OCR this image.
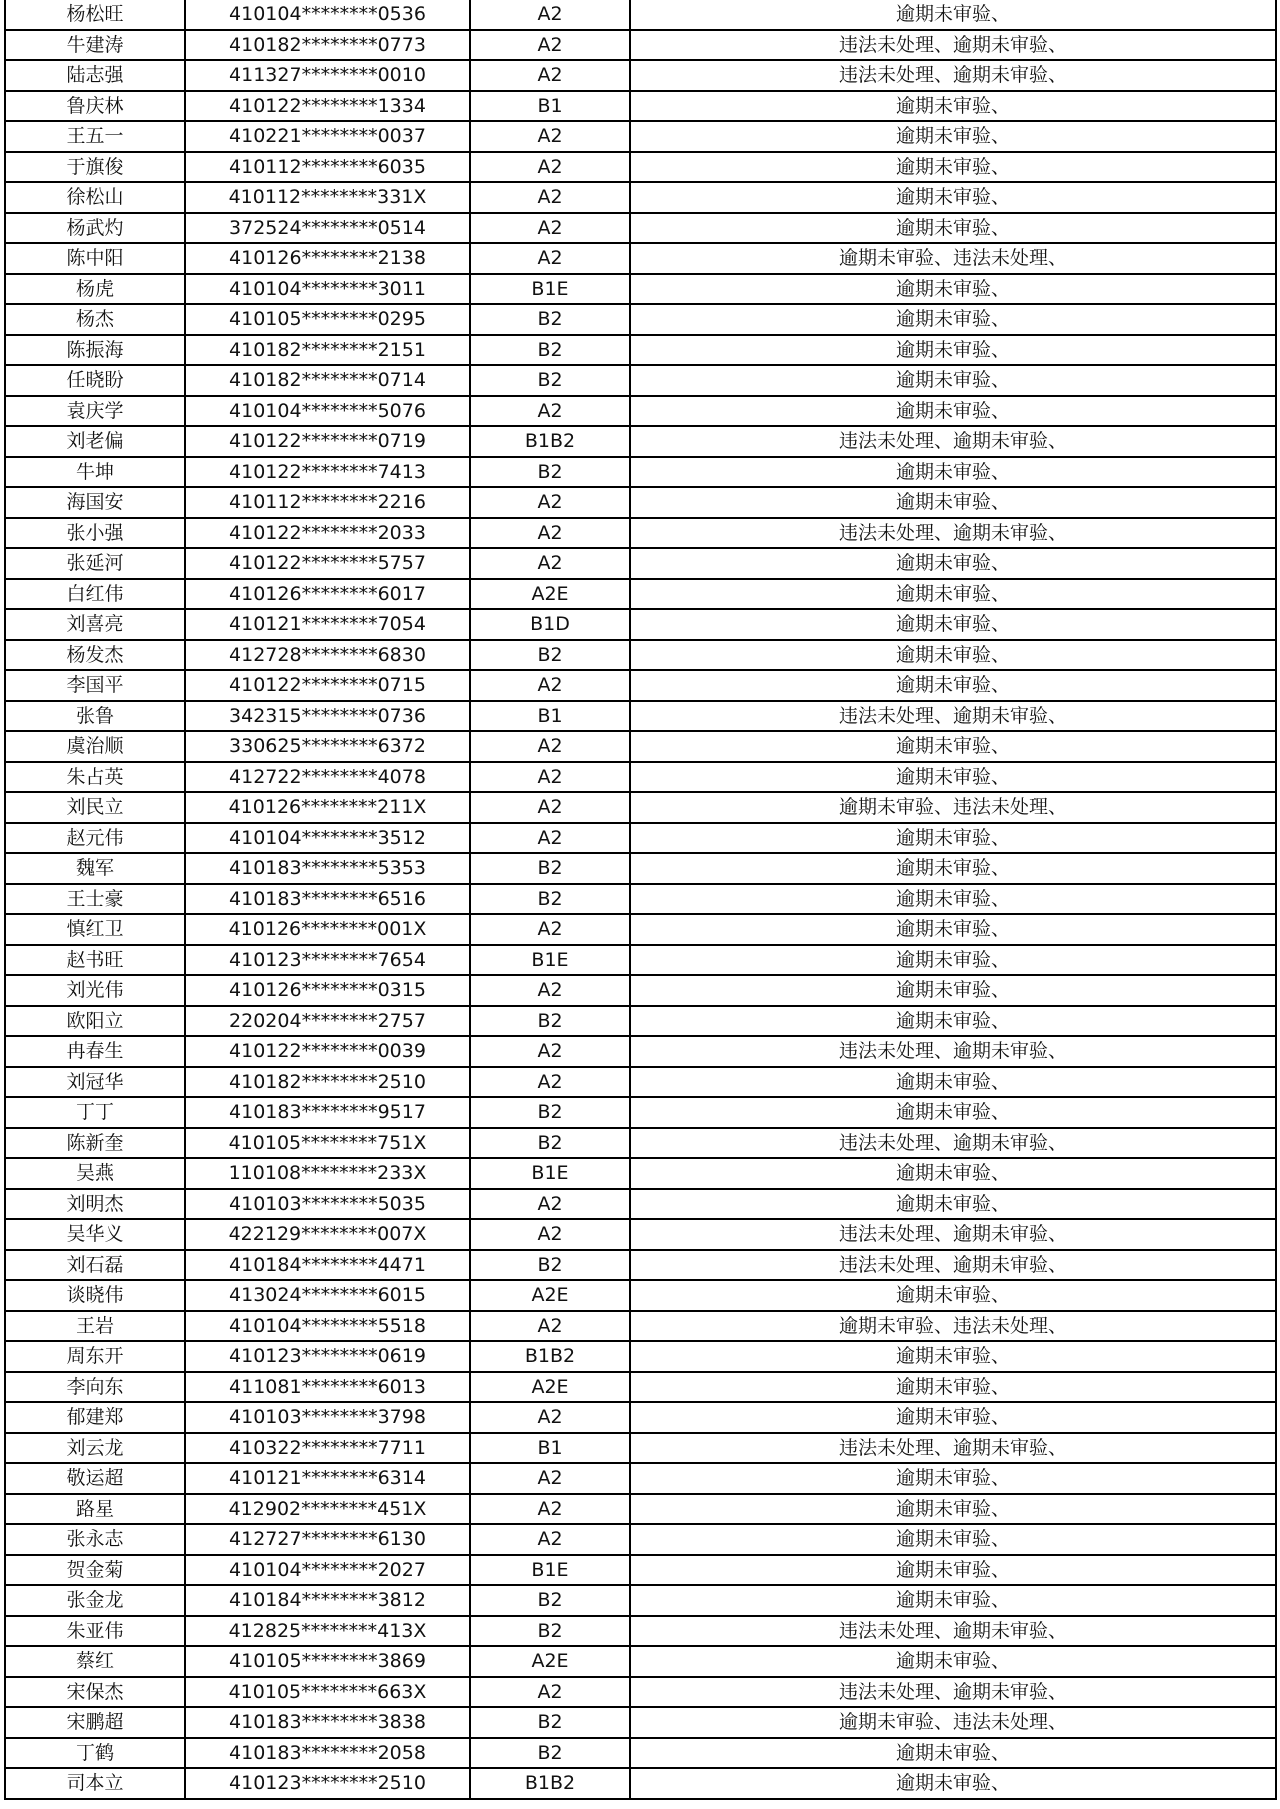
杨松旺	410104********0536	A2	逾期未审验、
牛建涛	410182********0773	A2	违法未处理、逾期未审验、
陆志强	411327********0010	A2	违法未处理、逾期未审验、
鲁庆林	410122********1334	B1	逾期未审验、
王五一	410221********0037	A2	逾期未审验、
于旗俊	410112********6035	A2	逾期未审验、
徐松山	410112********331X	A2	逾期未审验、
杨武灼	372524********0514	A2	逾期未审验、
陈中阳	410126********2138	A2	逾期未审验、违法未处理、
杨虎	410104********3011	B1E	逾期未审验、
杨杰	410105********0295	B2	逾期未审验、
陈振海	410182********2151	B2	逾期未审验、
任晓盼	410182********0714	B2	逾期未审验、
袁庆学	410104********5076	A2	逾期未审验、
刘老偏	410122********0719	B1B2	违法未处理、逾期未审验、
牛坤	410122********7413	B2	逾期未审验、
海国安	410112********2216	A2	逾期未审验、
张小强	410122********2033	A2	违法未处理、逾期未审验、
张延河	410122********5757	A2	逾期未审验、
白红伟	410126********6017	A2E	逾期未审验、
刘喜亮	410121********7054	B1D	逾期未审验、
杨发杰	412728********6830	B2	逾期未审验、
李国平	410122********0715	A2	逾期未审验、
张鲁	342315********0736	B1	违法未处理、逾期未审验、
虞治顺	330625********6372	A2	逾期未审验、
朱占英	412722********4078	A2	逾期未审验、
刘民立	410126********211X	A2	逾期未审验、违法未处理、
赵元伟	410104********3512	A2	逾期未审验、
魏军	410183********5353	B2	逾期未审验、
王士豪	410183********6516	B2	逾期未审验、
慎红卫	410126********001X	A2	逾期未审验、
赵书旺	410123********7654	B1E	逾期未审验、
刘光伟	410126********0315	A2	逾期未审验、
欧阳立	220204********2757	B2	逾期未审验、
冉春生	410122********0039	A2	违法未处理、逾期未审验、
刘冠华	410182********2510	A2	逾期未审验、
丁丁	410183********9517	B2	逾期未审验、
陈新奎	410105********751X	B2	违法未处理、逾期未审验、
吴燕	110108********233X	B1E	逾期未审验、
刘明杰	410103********5035	A2	逾期未审验、
吴华义	422129********007X	A2	违法未处理、逾期未审验、
刘石磊	410184********4471	B2	违法未处理、逾期未审验、
谈晓伟	413024********6015	A2E	逾期未审验、
王岩	410104********5518	A2	逾期未审验、违法未处理、
周东开	410123********0619	B1B2	逾期未审验、
李向东	411081********6013	A2E	逾期未审验、
郁建郑	410103********3798	A2	逾期未审验、
刘云龙	410322********7711	B1	违法未处理、逾期未审验、
敬运超	410121********6314	A2	逾期未审验、
路星	412902********451X	A2	逾期未审验、
张永志	412727********6130	A2	逾期未审验、
贺金菊	410104********2027	B1E	逾期未审验、
张金龙	410184********3812	B2	逾期未审验、
朱亚伟	412825********413X	B2	违法未处理、逾期未审验、
蔡红	410105********3869	A2E	逾期未审验、
宋保杰	410105********663X	A2	违法未处理、逾期未审验、
宋鹏超	410183********3838	B2	逾期未审验、违法未处理、
丁鹤	410183********2058	B2	逾期未审验、
司本立	410123********2510	B1B2	逾期未审验、
